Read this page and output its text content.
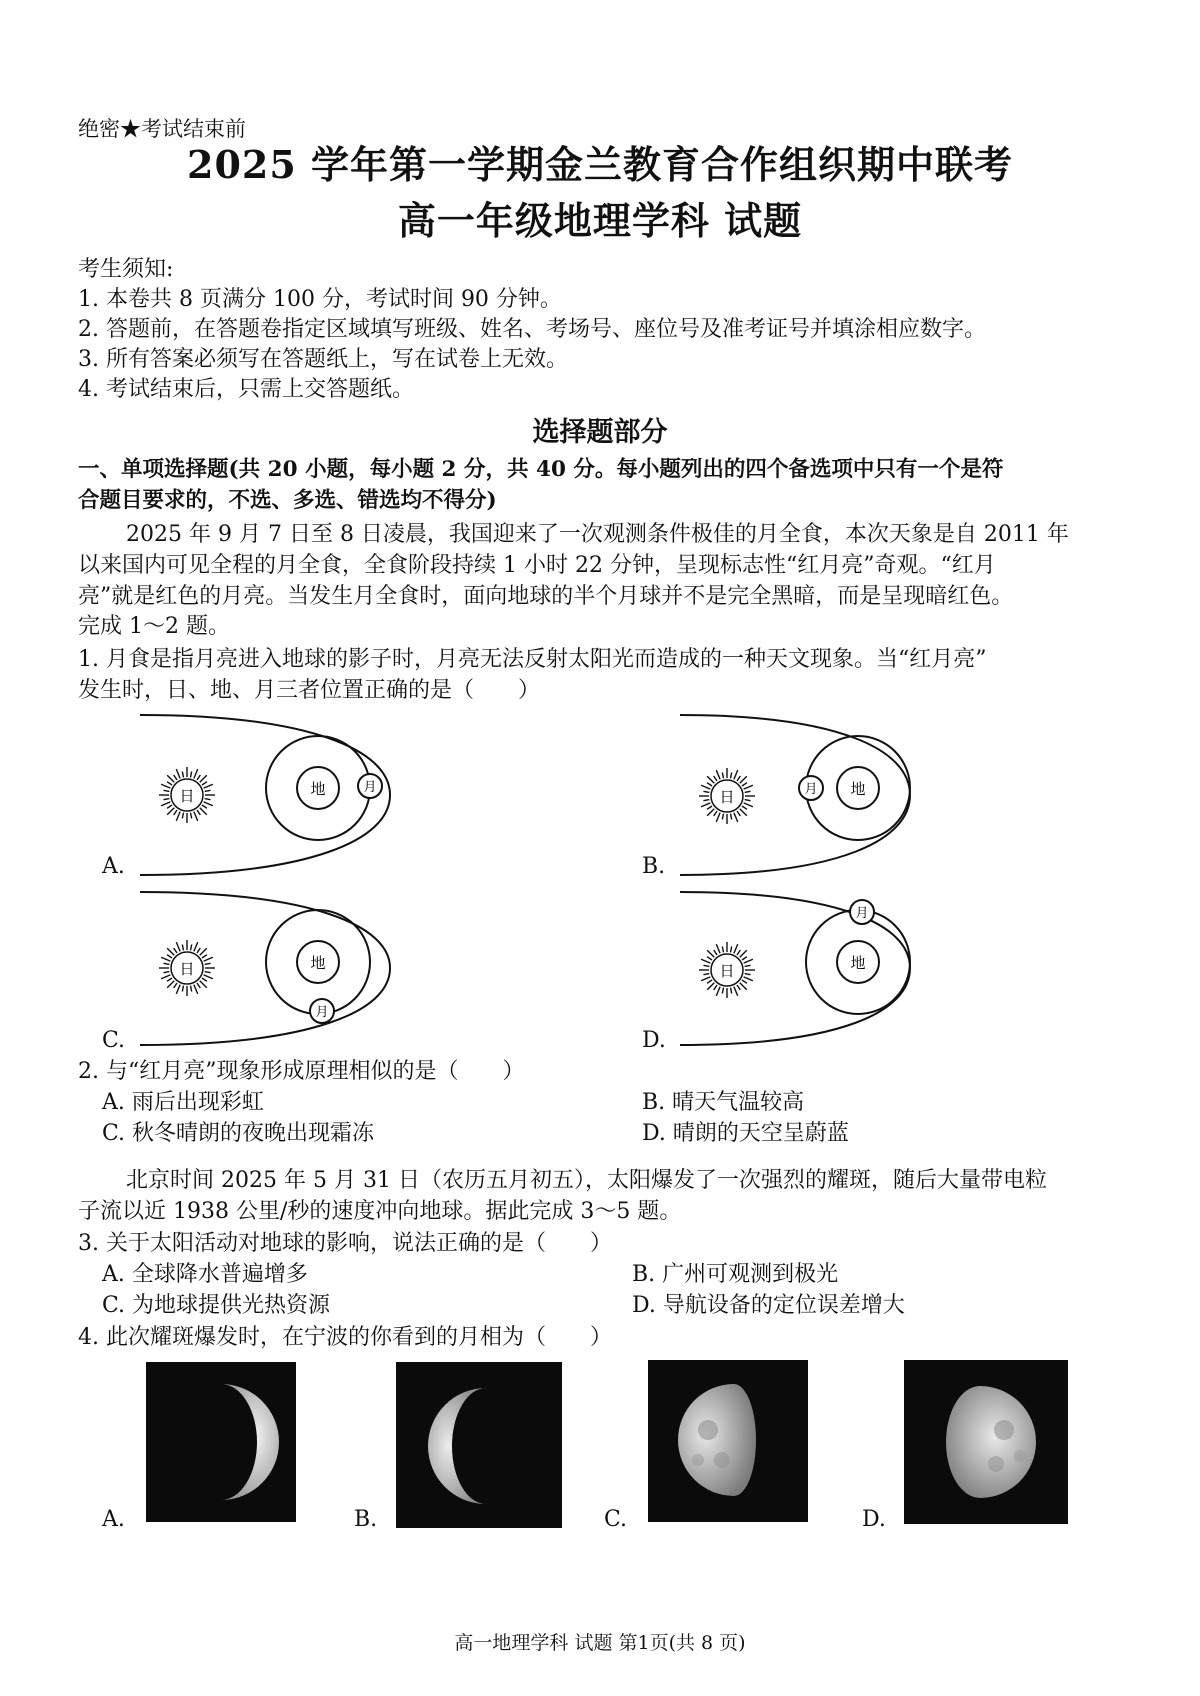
绝密★考试结束前
2025 学年第一学期金兰教育合作组织期中联考
高一年级地理学科 试题
考生须知:
1. 本卷共 8 页满分 100 分，考试时间 90 分钟。
2. 答题前，在答题卷指定区域填写班级、姓名、考场号、座位号及准考证号并填涂相应数字。
3. 所有答案必须写在答题纸上，写在试卷上无效。
4. 考试结束后，只需上交答题纸。
选择题部分
一、单项选择题(共 20 小题，每小题 2 分，共 40 分。每小题列出的四个备选项中只有一个是符
合题目要求的，不选、多选、错选均不得分)
2025 年 9 月 7 日至 8 日凌晨，我国迎来了一次观测条件极佳的月全食，本次天象是自 2011 年
以来国内可见全程的月全食，全食阶段持续 1 小时 22 分钟，呈现标志性“红月亮”奇观。“红月
亮”就是红色的月亮。当发生月全食时，面向地球的半个月球并不是完全黑暗，而是呈现暗红色。
完成 1～2 题。
1. 月食是指月亮进入地球的影子时，月亮无法反射太阳光而造成的一种天文现象。当“红月亮”
发生时，日、地、月三者位置正确的是（　　）
日	地	月
日	地
月
日	地
月
日	地
月
A.	B.
C.	D.
2. 与“红月亮”现象形成原理相似的是（　　）
A. 雨后出现彩虹	B. 晴天气温较高
C. 秋冬晴朗的夜晚出现霜冻	D. 晴朗的天空呈蔚蓝
北京时间 2025 年 5 月 31 日（农历五月初五），太阳爆发了一次强烈的耀斑，随后大量带电粒
子流以近 1938 公里/秒的速度冲向地球。据此完成 3～5 题。
3. 关于太阳活动对地球的影响，说法正确的是（　　）
A. 全球降水普遍增多	B. 广州可观测到极光
C. 为地球提供光热资源	D. 导航设备的定位误差增大
4. 此次耀斑爆发时，在宁波的你看到的月相为（　　）
A.	B.	C.	D.
高一地理学科 试题 第1页(共 8 页)
